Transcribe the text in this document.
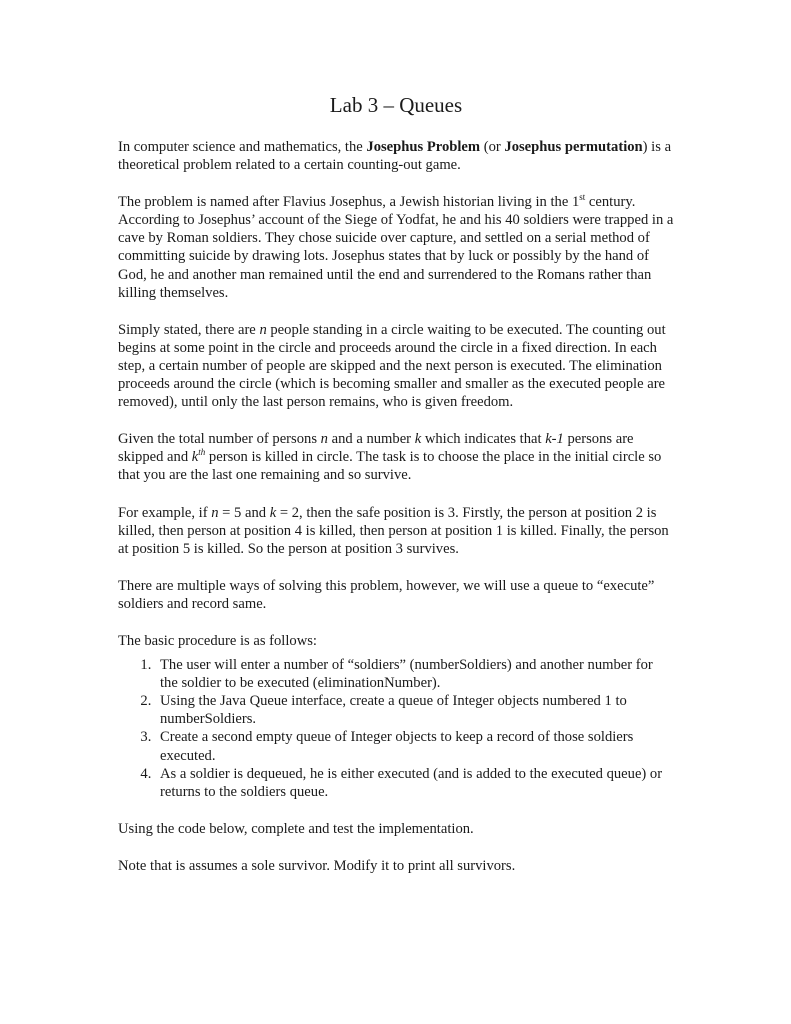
Lab 3 – Queues

In computer science and mathematics, the Josephus Problem (or Josephus permutation) is a theoretical problem related to a certain counting-out game.

The problem is named after Flavius Josephus, a Jewish historian living in the 1st century. According to Josephus’ account of the Siege of Yodfat, he and his 40 soldiers were trapped in a cave by Roman soldiers. They chose suicide over capture, and settled on a serial method of committing suicide by drawing lots. Josephus states that by luck or possibly by the hand of God, he and another man remained until the end and surrendered to the Romans rather than killing themselves.

Simply stated, there are n people standing in a circle waiting to be executed. The counting out begins at some point in the circle and proceeds around the circle in a fixed direction. In each step, a certain number of people are skipped and the next person is executed. The elimination proceeds around the circle (which is becoming smaller and smaller as the executed people are removed), until only the last person remains, who is given freedom.

Given the total number of persons n and a number k which indicates that k-1 persons are skipped and $k^{th}$ person is killed in circle. The task is to choose the place in the initial circle so that you are the last one remaining and so survive.

For example, if n = 5 and k = 2, then the safe position is 3. Firstly, the person at position 2 is killed, then person at position 4 is killed, then person at position 1 is killed. Finally, the person at position 5 is killed. So the person at position 3 survives.

There are multiple ways of solving this problem, however, we will use a queue to “execute” soldiers and record same.

The basic procedure is as follows:

1. The user will enter a number of “soldiers” (numberSoldiers) and another number for the soldier to be executed (eliminationNumber).
2. Using the Java Queue interface, create a queue of Integer objects numbered 1 to numberSoldiers.
3. Create a second empty queue of Integer objects to keep a record of those soldiers executed.
4. As a soldier is dequeued, he is either executed (and is added to the executed queue) or returns to the soldiers queue.

Using the code below, complete and test the implementation.

Note that is assumes a sole survivor. Modify it to print all survivors.
